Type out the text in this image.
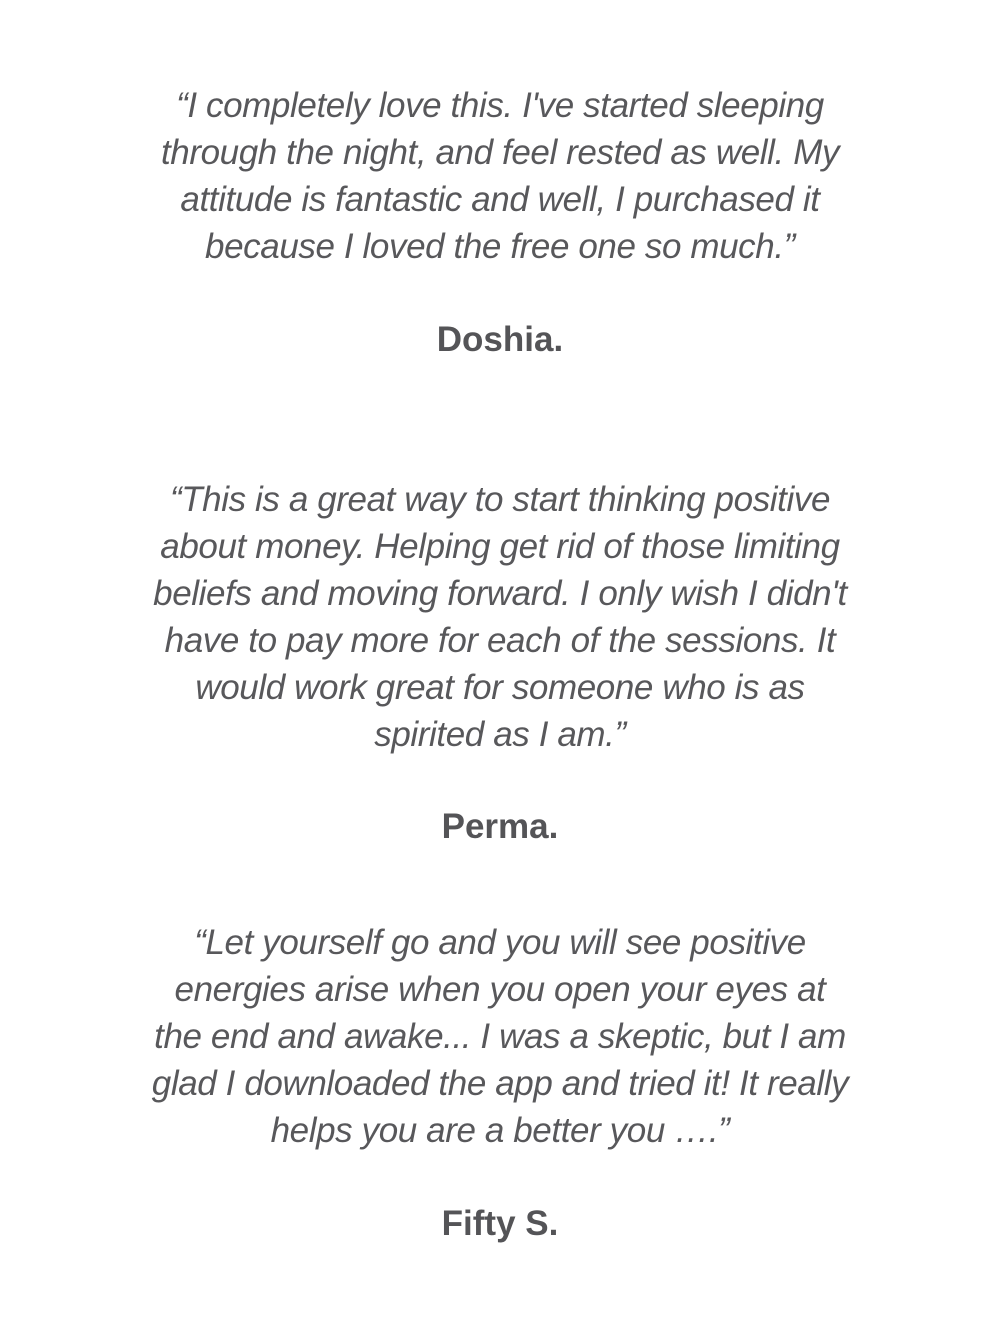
“I completely love this. I've started sleeping through the night, and feel rested as well. My attitude is fantastic and well, I purchased it because I loved the free one so much.”

Doshia.

“This is a great way to start thinking positive about money. Helping get rid of those limiting beliefs and moving forward. I only wish I didn't have to pay more for each of the sessions. It would work great for someone who is as spirited as I am.”

Perma.

“Let yourself go and you will see positive energies arise when you open your eyes at the end and awake... I was a skeptic, but I am glad I downloaded the app and tried it! It really helps you are a better you ….”

Fifty S.
